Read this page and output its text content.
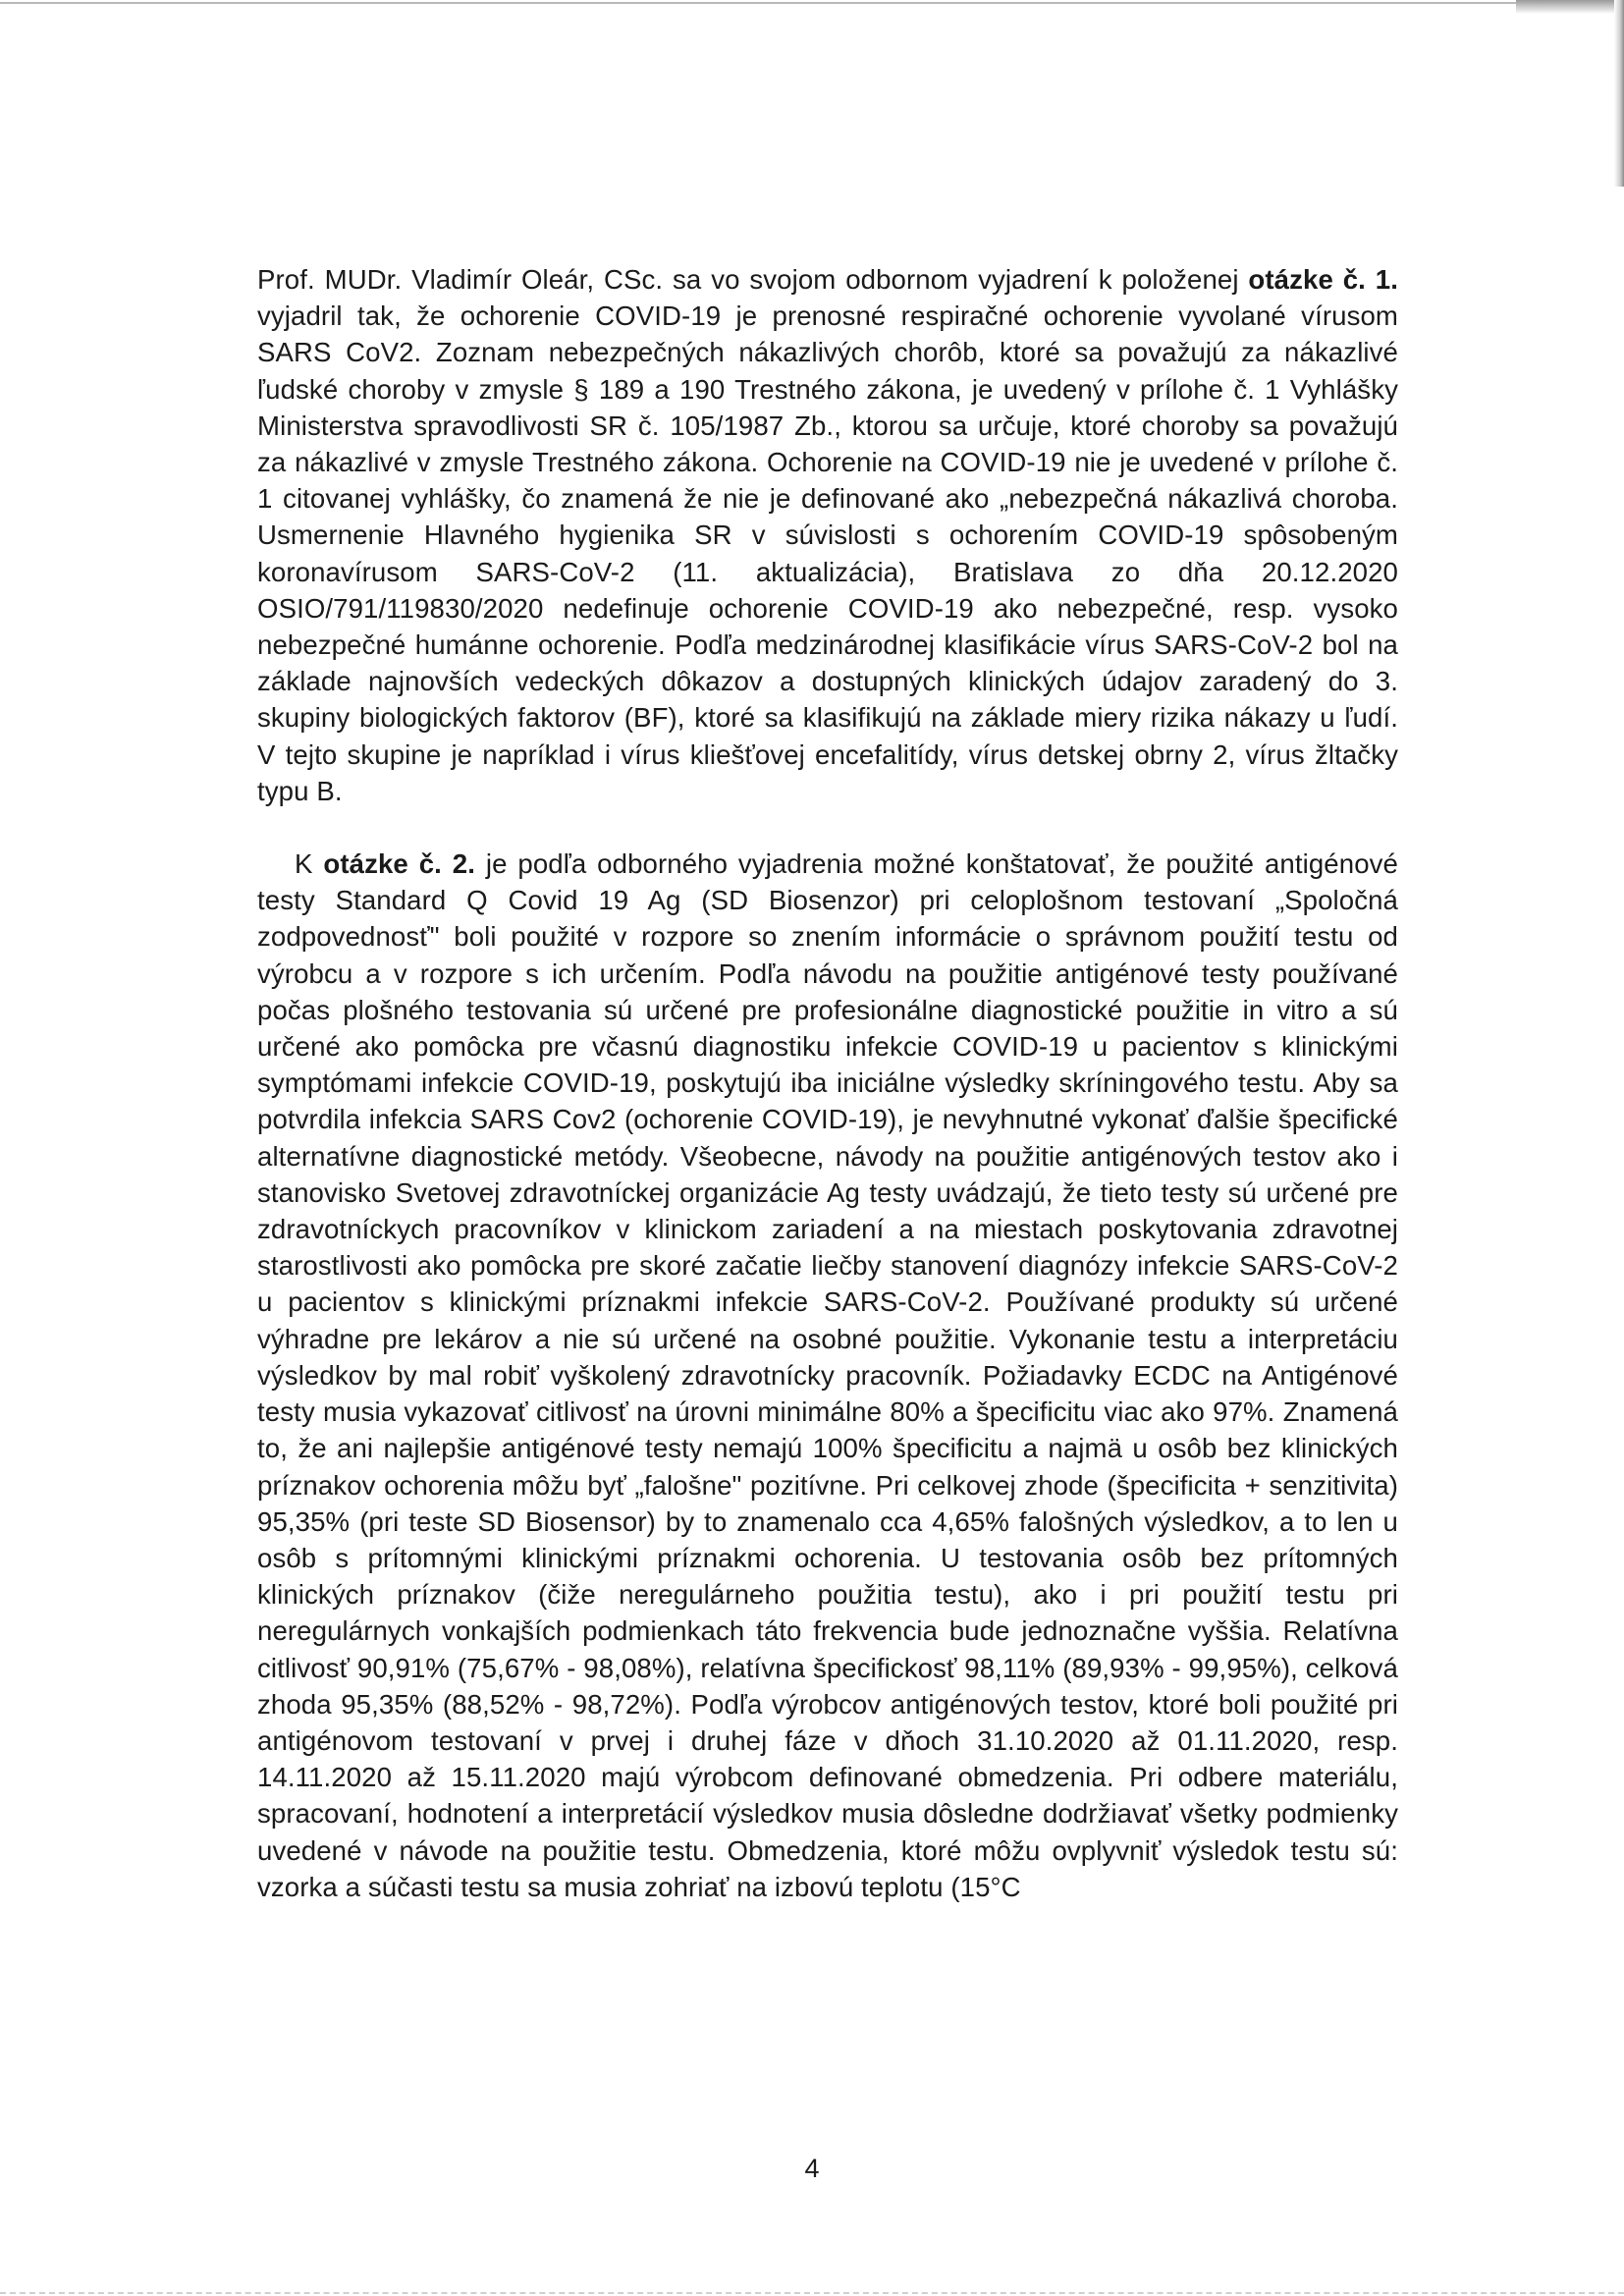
Prof. MUDr. Vladimír Oleár, CSc. sa vo svojom odbornom vyjadrení k položenej otázke č. 1. vyjadril tak, že ochorenie COVID-19 je prenosné respiračné ochorenie vyvolané vírusom SARS CoV2. Zoznam nebezpečných nákazlivých chorôb, ktoré sa považujú za nákazlivé ľudské choroby v zmysle § 189 a 190 Trestného zákona, je uvedený v prílohe č. 1 Vyhlášky Ministerstva spravodlivosti SR č. 105/1987 Zb., ktorou sa určuje, ktoré choroby sa považujú za nákazlivé v zmysle Trestného zákona. Ochorenie na COVID-19 nie je uvedené v prílohe č. 1 citovanej vyhlášky, čo znamená že nie je definované ako „nebezpečná nákazlivá choroba. Usmernenie Hlavného hygienika SR v súvislosti s ochorením COVID-19 spôsobeným koronavírusom SARS-CoV-2 (11. aktualizácia), Bratislava zo dňa 20.12.2020 OSIO/791/119830/2020 nedefinuje ochorenie COVID-19 ako nebezpečné, resp. vysoko nebezpečné humánne ochorenie. Podľa medzinárodnej klasifikácie vírus SARS-CoV-2 bol na základe najnovších vedeckých dôkazov a dostupných klinických údajov zaradený do 3. skupiny biologických faktorov (BF), ktoré sa klasifikujú na základe miery rizika nákazy u ľudí. V tejto skupine je napríklad i vírus kliešťovej encefalitídy, vírus detskej obrny 2, vírus žltačky typu B.

K otázke č. 2. je podľa odborného vyjadrenia možné konštatovať, že použité antigénové testy Standard Q Covid 19 Ag (SD Biosenzor) pri celoplošnom testovaní „Spoločná zodpovednosť" boli použité v rozpore so znením informácie o správnom použití testu od výrobcu a v rozpore s ich určením. Podľa návodu na použitie antigénové testy používané počas plošného testovania sú určené pre profesionálne diagnostické použitie in vitro a sú určené ako pomôcka pre včasnú diagnostiku infekcie COVID-19 u pacientov s klinickými symptómami infekcie COVID-19, poskytujú iba iniciálne výsledky skríningového testu. Aby sa potvrdila infekcia SARS Cov2 (ochorenie COVID-19), je nevyhnutné vykonať ďalšie špecifické alternatívne diagnostické metódy. Všeobecne, návody na použitie antigénových testov ako i stanovisko Svetovej zdravotníckej organizácie Ag testy uvádzajú, že tieto testy sú určené pre zdravotníckych pracovníkov v klinickom zariadení a na miestach poskytovania zdravotnej starostlivosti ako pomôcka pre skoré začatie liečby stanovení diagnózy infekcie SARS-CoV-2 u pacientov s klinickými príznakmi infekcie SARS-CoV-2. Používané produkty sú určené výhradne pre lekárov a nie sú určené na osobné použitie. Vykonanie testu a interpretáciu výsledkov by mal robiť vyškolený zdravotnícky pracovník. Požiadavky ECDC na Antigénové testy musia vykazovať citlivosť na úrovni minimálne 80% a špecificitu viac ako 97%. Znamená to, že ani najlepšie antigénové testy nemajú 100% špecificitu a najmä u osôb bez klinických príznakov ochorenia môžu byť „falošne" pozitívne. Pri celkovej zhode (špecificita + senzitivita) 95,35% (pri teste SD Biosensor) by to znamenalo cca 4,65% falošných výsledkov, a to len u osôb s prítomnými klinickými príznakmi ochorenia. U testovania osôb bez prítomných klinických príznakov (čiže neregulárneho použitia testu), ako i pri použití testu pri neregulárnych vonkajších podmienkach táto frekvencia bude jednoznačne vyššia. Relatívna citlivosť 90,91% (75,67% - 98,08%), relatívna špecifickosť 98,11% (89,93% - 99,95%), celková zhoda 95,35% (88,52% - 98,72%). Podľa výrobcov antigénových testov, ktoré boli použité pri antigénovom testovaní v prvej i druhej fáze v dňoch 31.10.2020 až 01.11.2020, resp. 14.11.2020 až 15.11.2020 majú výrobcom definované obmedzenia. Pri odbere materiálu, spracovaní, hodnotení a interpretácií výsledkov musia dôsledne dodržiavať všetky podmienky uvedené v návode na použitie testu. Obmedzenia, ktoré môžu ovplyvniť výsledok testu sú: vzorka a súčasti testu sa musia zohriať na izbovú teplotu (15°C

4
